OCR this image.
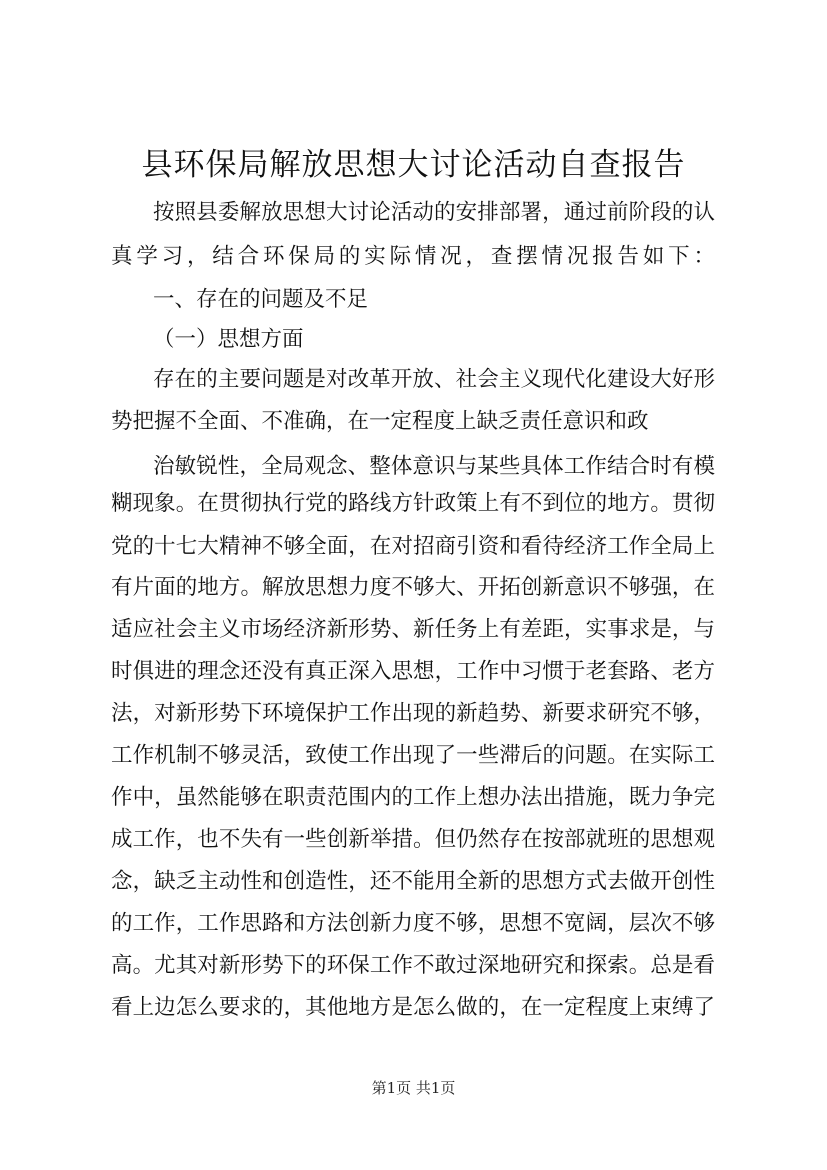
县环保局解放思想大讨论活动自查报告
按照县委解放思想大讨论活动的安排部署，通过前阶段的认
真学习，结合环保局的实际情况，查摆情况报告如下：
一、存在的问题及不足
（一）思想方面
存在的主要问题是对改革开放、社会主义现代化建设大好形
势把握不全面、不准确，在一定程度上缺乏责任意识和政
治敏锐性，全局观念、整体意识与某些具体工作结合时有模
糊现象。在贯彻执行党的路线方针政策上有不到位的地方。贯彻
党的十七大精神不够全面，在对招商引资和看待经济工作全局上
有片面的地方。解放思想力度不够大、开拓创新意识不够强，在
适应社会主义市场经济新形势、新任务上有差距，实事求是，与
时俱进的理念还没有真正深入思想，工作中习惯于老套路、老方
法，对新形势下环境保护工作出现的新趋势、新要求研究不够，
工作机制不够灵活，致使工作出现了一些滞后的问题。在实际工
作中，虽然能够在职责范围内的工作上想办法出措施，既力争完
成工作，也不失有一些创新举措。但仍然存在按部就班的思想观
念，缺乏主动性和创造性，还不能用全新的思想方式去做开创性
的工作，工作思路和方法创新力度不够，思想不宽阔，层次不够
高。尤其对新形势下的环保工作不敢过深地研究和探索。总是看
看上边怎么要求的，其他地方是怎么做的，在一定程度上束缚了
第1页 共1页
